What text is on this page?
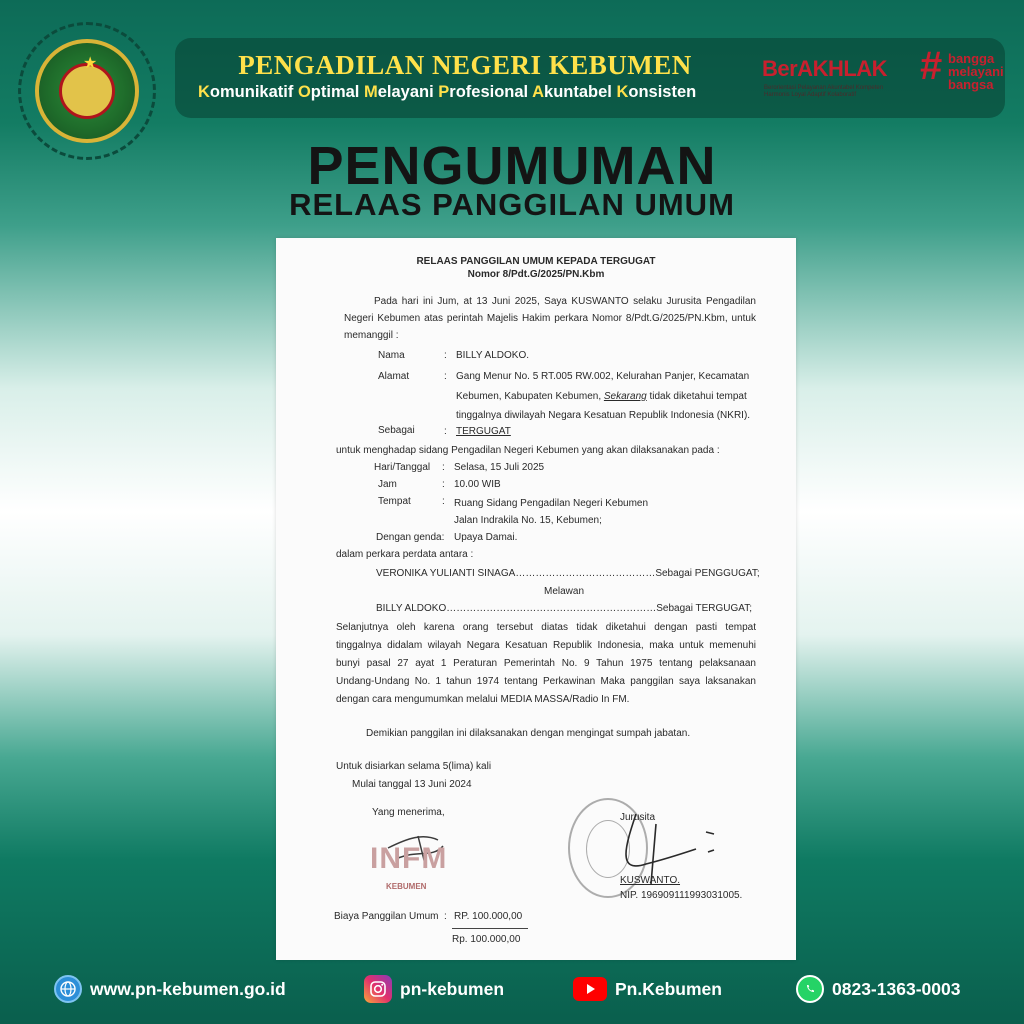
★	PENGADILAN NEGERI KEBUMEN
Komunikatif Optimal Melayani Profesional Akuntabel Konsisten
BerAKHLAK
Berorientasi Pelayanan Akuntabel Kompeten Harmonis Loyal Adaptif Kolaboratif
# bangga
melayani
bangsa
PENGUMUMAN
RELAAS PANGGILAN UMUM
RELAAS PANGGILAN UMUM KEPADA TERGUGAT
Nomor 8/Pdt.G/2025/PN.Kbm
Pada hari ini Jum, at 13 Juni 2025, Saya KUSWANTO selaku Jurusita Pengadilan
Negeri Kebumen atas perintah Majelis Hakim perkara Nomor 8/Pdt.G/2025/PN.Kbm, untuk
memanggil :
Nama	: BILLY ALDOKO.
Alamat	: Gang Menur No. 5 RT.005 RW.002, Kelurahan Panjer, Kecamatan
Kebumen, Kabupaten Kebumen, Sekarang tidak diketahui tempat
tinggalnya diwilayah Negara Kesatuan Republik Indonesia (NKRI).
Sebagai	: TERGUGAT
untuk menghadap sidang Pengadilan Negeri Kebumen yang akan dilaksanakan pada :
Hari/Tanggal : Selasa, 15 Juli 2025
Jam	: 10.00 WIB
Tempat	: Ruang Sidang Pengadilan Negeri Kebumen
Jalan Indrakila No. 15, Kebumen;
Dengan genda: Upaya Damai.
dalam perkara perdata antara :
VERONIKA YULIANTI SINAGA……………………………………Sebagai PENGGUGAT;
Melawan
BILLY ALDOKO………………………………………………………Sebagai TERGUGAT;
Selanjutnya oleh karena orang tersebut diatas tidak diketahui dengan pasti tempat
tinggalnya didalam wilayah Negara Kesatuan Republik Indonesia, maka untuk memenuhi
bunyi pasal 27 ayat 1 Peraturan Pemerintah No. 9 Tahun 1975 tentang pelaksanaan
Undang-Undang No. 1 tahun 1974 tentang Perkawinan Maka panggilan saya laksanakan
dengan cara mengumumkan melalui MEDIA MASSA/Radio In FM.
Demikian panggilan ini dilaksanakan dengan mengingat sumpah jabatan.
Untuk disiarkan selama 5(lima) kali
Mulai tanggal 13 Juni 2024
Yang menerima,
INFM
KEBUMEN
Jurusita
KUSWANTO.
NIP. 196909111993031005.
Biaya Panggilan Umum : RP. 100.000,00
Rp. 100.000,00
www.pn-kebumen.go.id	pn-kebumen	Pn.Kebumen	0823-1363-0003
